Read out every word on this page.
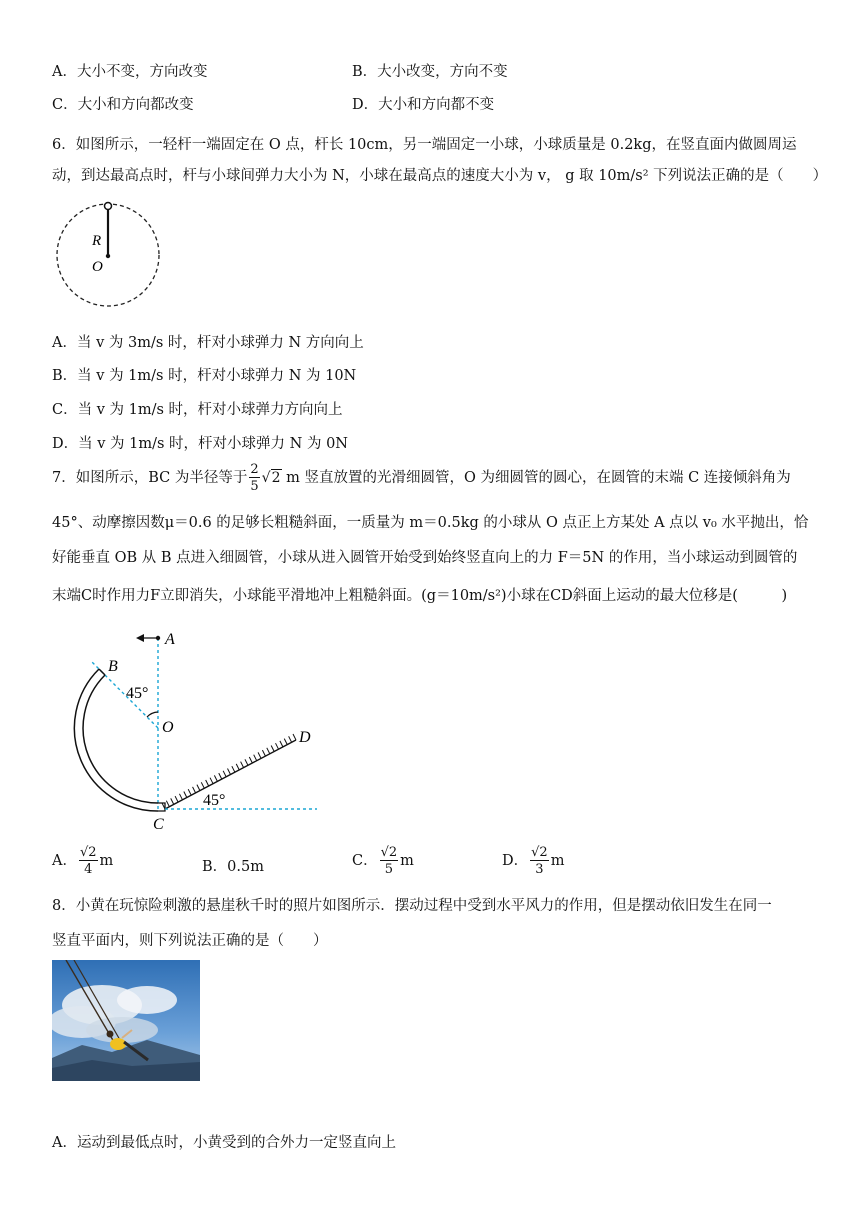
A．大小不变，方向改变	B．大小改变，方向不变
C．大小和方向都改变	D．大小和方向都不变
6．如图所示，一轻杆一端固定在 O 点，杆长 10cm，另一端固定一小球，小球质量是 0.2kg，在竖直面内做圆周运
动，到达最高点时，杆与小球间弹力大小为 N，小球在最高点的速度大小为 v， g 取 10m/s² 下列说法正确的是（　　）
R
O
A．当 v 为 3m/s 时，杆对小球弹力 N 方向向上
B．当 v 为 1m/s 时，杆对小球弹力 N 为 10N
C．当 v 为 1m/s 时，杆对小球弹力方向向上
D．当 v 为 1m/s 时，杆对小球弹力 N 为 0N
7．如图所示，BC 为半径等于 $\frac{2}{5} √2$ m 竖直放置的光滑细圆管，O 为细圆管的圆心，在圆管的末端 C 连接倾斜角为
45°、动摩擦因数μ＝0.6 的足够长粗糙斜面，一质量为 m＝0.5kg 的小球从 O 点正上方某处 A 点以 v₀ 水平抛出，恰
好能垂直 OB 从 B 点进入细圆管，小球从进入圆管开始受到始终竖直向上的力 F＝5N 的作用，当小球运动到圆管的
末端C时作用力F立即消失，小球能平滑地冲上粗糙斜面。(g＝10m/s²)小球在CD斜面上运动的最大位移是(　　　)
A
45°
B
O
45°
C
D
A． $\frac{√2}{4}$ m	B．0.5m	C． $\frac{√2}{5}$ m	D． $\frac{√2}{3}$ m
8．小黄在玩惊险刺激的悬崖秋千时的照片如图所示．摆动过程中受到水平风力的作用，但是摆动依旧发生在同一
竖直平面内，则下列说法正确的是（　　）
A．运动到最低点时，小黄受到的合外力一定竖直向上
